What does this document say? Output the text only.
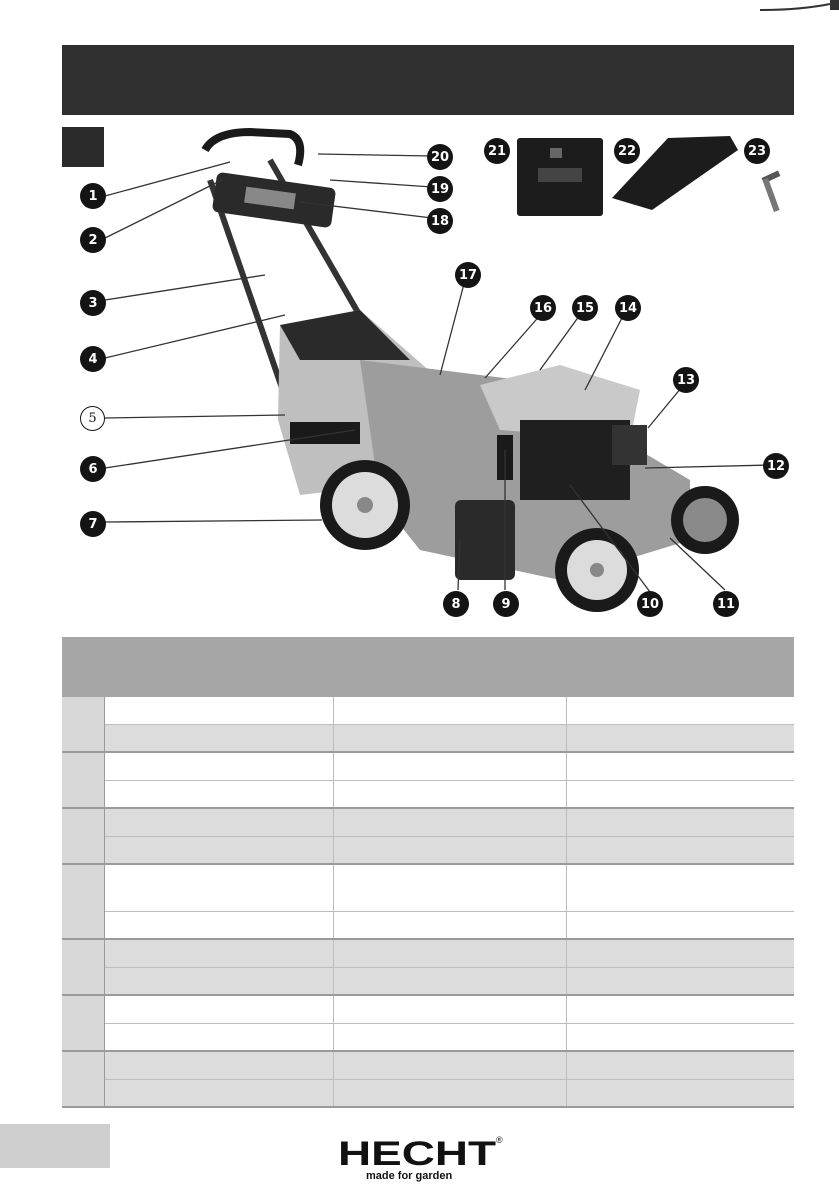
1
2
3
4
5
6
7
8	9	10	11
12
13
14
15
16
17
18
19
20	21	22	23
HECHT ®
made for garden
